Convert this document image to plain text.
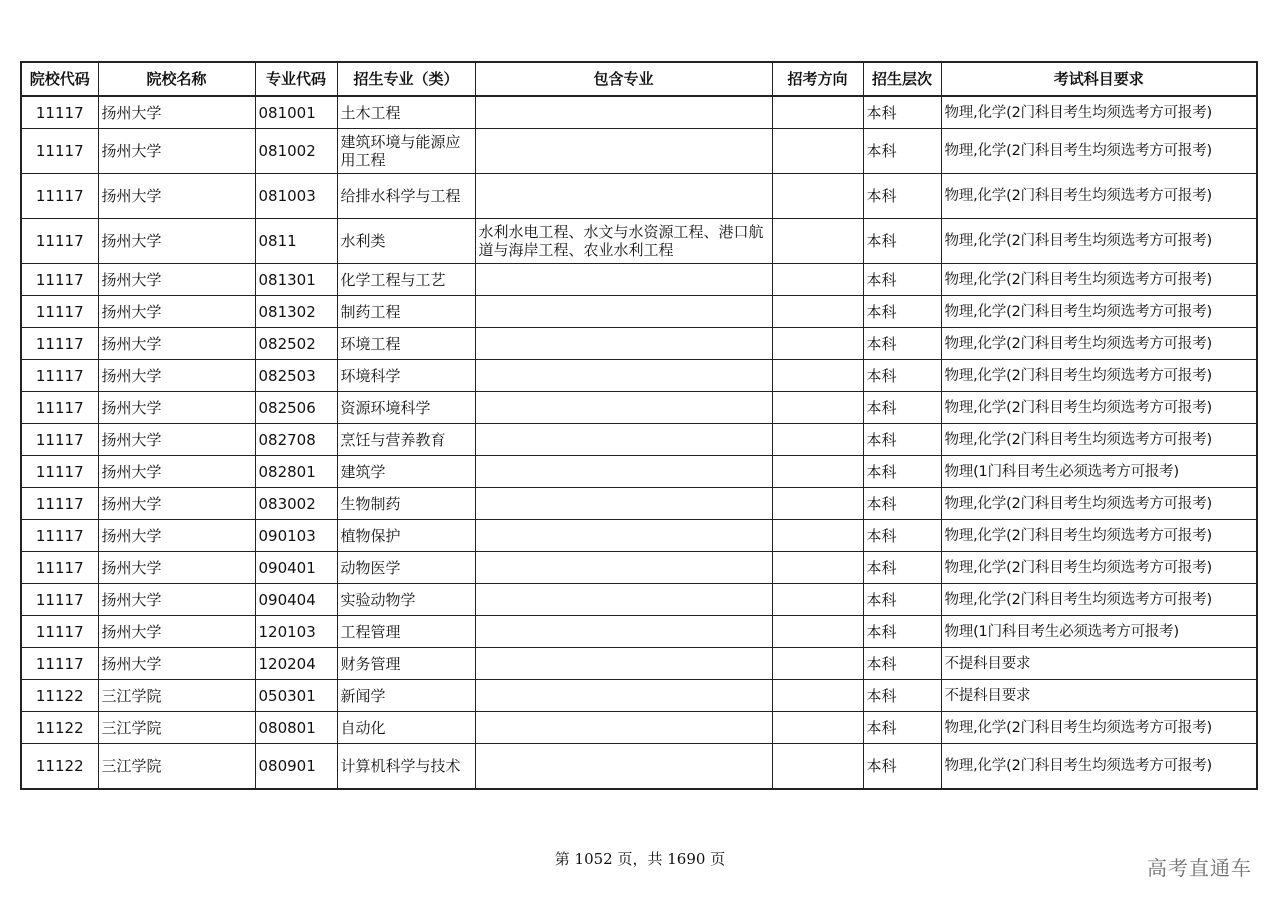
院校代码	院校名称	专业代码	招生专业（类）	包含专业	招考方向	招生层次	考试科目要求
11117	扬州大学	081001	土木工程			本科	物理,化学(2门科目考生均须选考方可报考)
11117	扬州大学	081002	建筑环境与能源应用工程			本科	物理,化学(2门科目考生均须选考方可报考)
11117	扬州大学	081003	给排水科学与工程			本科	物理,化学(2门科目考生均须选考方可报考)
11117	扬州大学	0811	水利类	水利水电工程、水文与水资源工程、港口航道与海岸工程、农业水利工程		本科	物理,化学(2门科目考生均须选考方可报考)
11117	扬州大学	081301	化学工程与工艺			本科	物理,化学(2门科目考生均须选考方可报考)
11117	扬州大学	081302	制药工程			本科	物理,化学(2门科目考生均须选考方可报考)
11117	扬州大学	082502	环境工程			本科	物理,化学(2门科目考生均须选考方可报考)
11117	扬州大学	082503	环境科学			本科	物理,化学(2门科目考生均须选考方可报考)
11117	扬州大学	082506	资源环境科学			本科	物理,化学(2门科目考生均须选考方可报考)
11117	扬州大学	082708	烹饪与营养教育			本科	物理,化学(2门科目考生均须选考方可报考)
11117	扬州大学	082801	建筑学			本科	物理(1门科目考生必须选考方可报考)
11117	扬州大学	083002	生物制药			本科	物理,化学(2门科目考生均须选考方可报考)
11117	扬州大学	090103	植物保护			本科	物理,化学(2门科目考生均须选考方可报考)
11117	扬州大学	090401	动物医学			本科	物理,化学(2门科目考生均须选考方可报考)
11117	扬州大学	090404	实验动物学			本科	物理,化学(2门科目考生均须选考方可报考)
11117	扬州大学	120103	工程管理			本科	物理(1门科目考生必须选考方可报考)
11117	扬州大学	120204	财务管理			本科	不提科目要求
11122	三江学院	050301	新闻学			本科	不提科目要求
11122	三江学院	080801	自动化			本科	物理,化学(2门科目考生均须选考方可报考)
11122	三江学院	080901	计算机科学与技术			本科	物理,化学(2门科目考生均须选考方可报考)
第 1052 页，共 1690 页	高考直通车
